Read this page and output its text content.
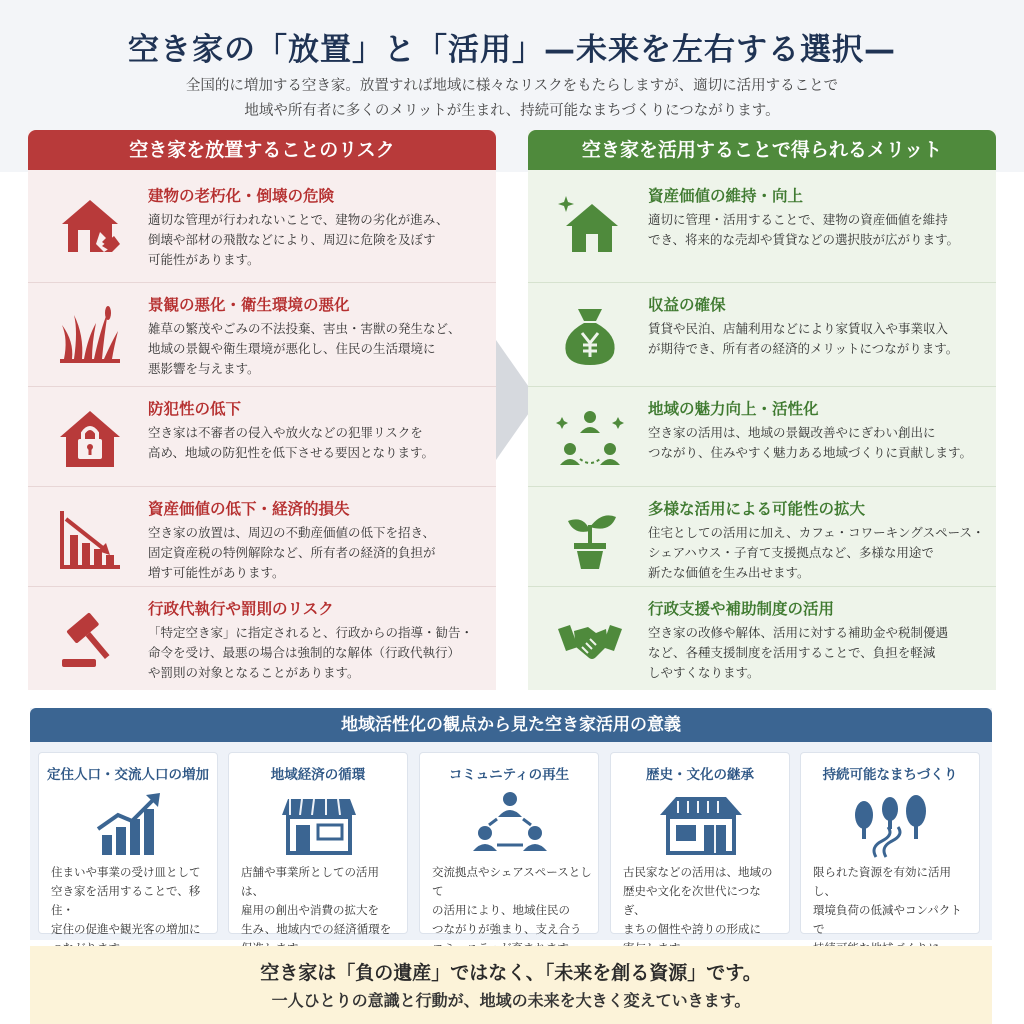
空き家の「放置」と「活用」—未来を左右する選択—
全国的に増加する空き家。放置すれば地域に様々なリスクをもたらしますが、適切に活用することで
地域や所有者に多くのメリットが生まれ、持続可能なまちづくりにつながります。
空き家を放置することのリスク
建物の老朽化・倒壊の危険
適切な管理が行われないことで、建物の劣化が進み、
倒壊や部材の飛散などにより、周辺に危険を及ぼす
可能性があります。
景観の悪化・衛生環境の悪化
雑草の繁茂やごみの不法投棄、害虫・害獣の発生など、
地域の景観や衛生環境が悪化し、住民の生活環境に
悪影響を与えます。
防犯性の低下
空き家は不審者の侵入や放火などの犯罪リスクを
高め、地域の防犯性を低下させる要因となります。
資産価値の低下・経済的損失
空き家の放置は、周辺の不動産価値の低下を招き、
固定資産税の特例解除など、所有者の経済的負担が
増す可能性があります。
行政代執行や罰則のリスク
「特定空き家」に指定されると、行政からの指導・勧告・
命令を受け、最悪の場合は強制的な解体（行政代執行）
や罰則の対象となることがあります。
空き家を活用することで得られるメリット
資産価値の維持・向上
適切に管理・活用することで、建物の資産価値を維持
でき、将来的な売却や賃貸などの選択肢が広がります。
収益の確保
賃貸や民泊、店舗利用などにより家賃収入や事業収入
が期待でき、所有者の経済的メリットにつながります。
地域の魅力向上・活性化
空き家の活用は、地域の景観改善やにぎわい創出に
つながり、住みやすく魅力ある地域づくりに貢献します。
多様な活用による可能性の拡大
住宅としての活用に加え、カフェ・コワーキングスペース・
シェアハウス・子育て支援拠点など、多様な用途で
新たな価値を生み出せます。
行政支援や補助制度の活用
空き家の改修や解体、活用に対する補助金や税制優遇
など、各種支援制度を活用することで、負担を軽減
しやすくなります。
地域活性化の観点から見た空き家活用の意義
定住人口・交流人口の増加
住まいや事業の受け皿として
空き家を活用することで、移住・
定住の促進や観光客の増加に
地域経済の循環
店舗や事業所としての活用は、
雇用の創出や消費の拡大を
生み、地域内での経済循環を
コミュニティの再生
交流拠点やシェアスペースとして
の活用により、地域住民の
つながりが強まり、支え合う
歴史・文化の継承
古民家などの活用は、地域の
歴史や文化を次世代につなぎ、
まちの個性や誇りの形成に
持続可能なまちづくり
限られた資源を有効に活用し、
環境負荷の低減やコンパクトで
空き家は「負の遺産」ではなく、「未来を創る資源」です。
一人ひとりの意識と行動が、地域の未来を大きく変えていきます。
